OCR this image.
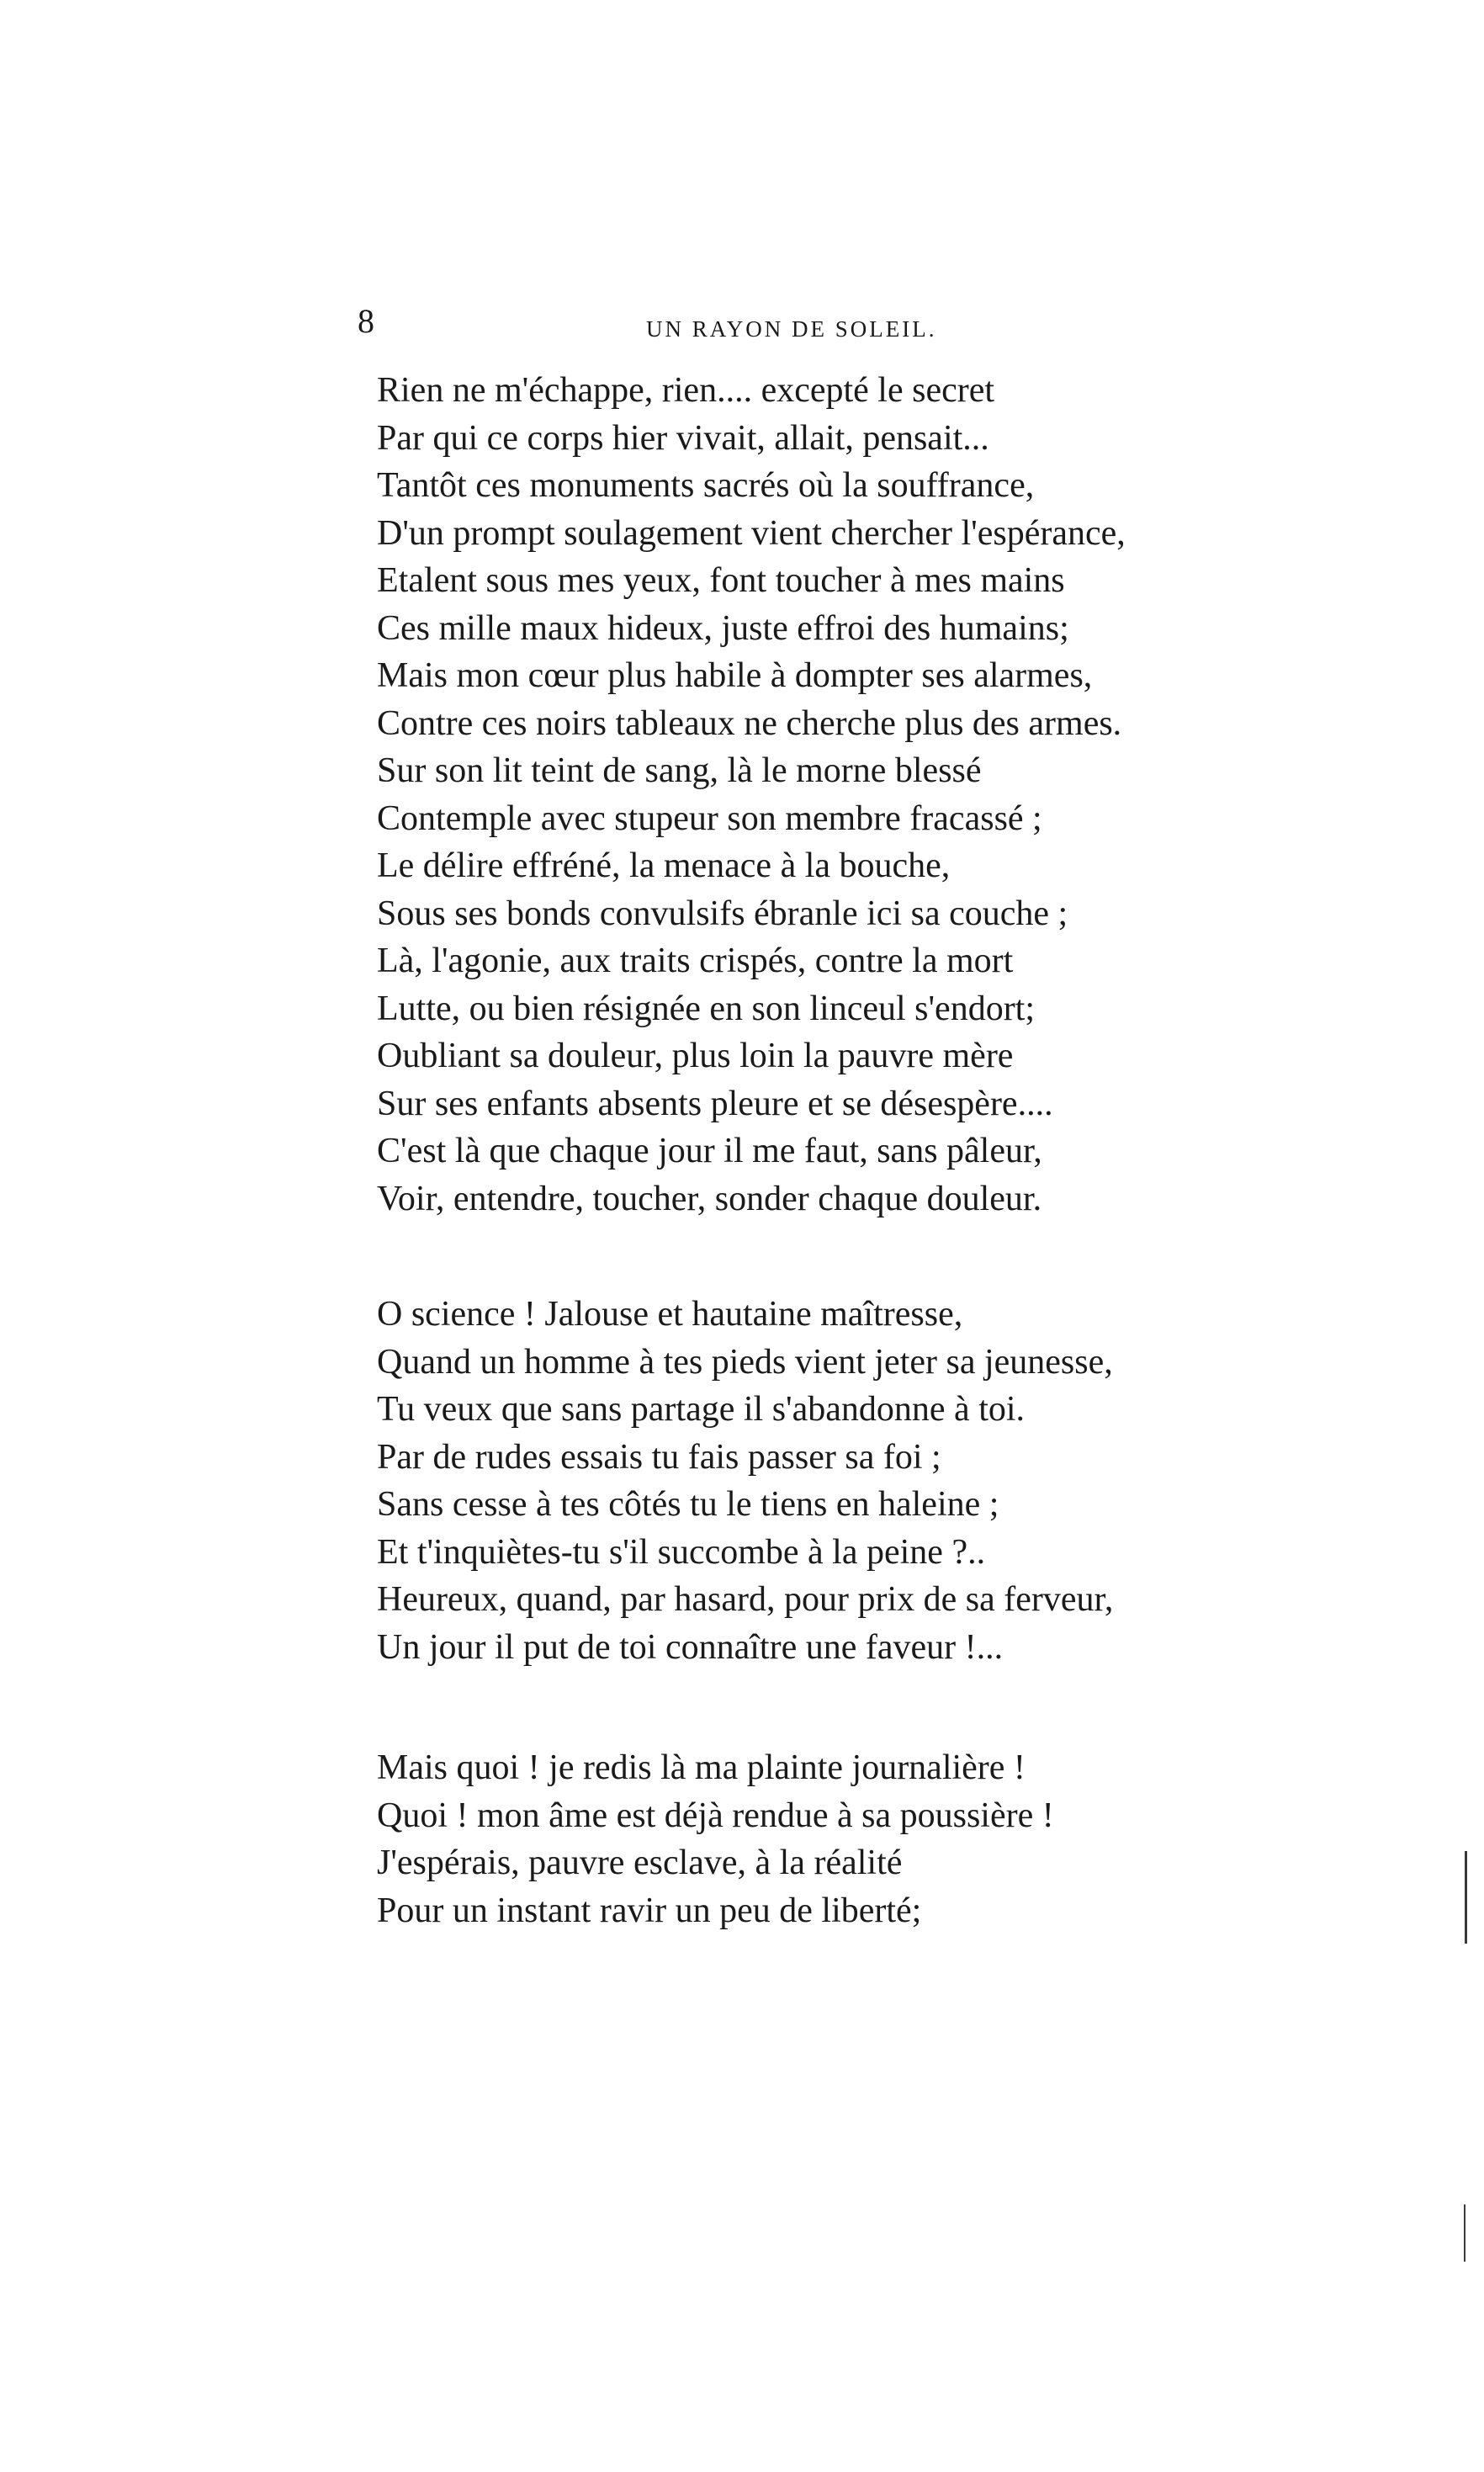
8	UN RAYON DE SOLEIL.
Rien ne m'échappe, rien.... excepté le secret
Par qui ce corps hier vivait, allait, pensait...
Tantôt ces monuments sacrés où la souffrance,
D'un prompt soulagement vient chercher l'espérance,
Etalent sous mes yeux, font toucher à mes mains
Ces mille maux hideux, juste effroi des humains;
Mais mon cœur plus habile à dompter ses alarmes,
Contre ces noirs tableaux ne cherche plus des armes.
Sur son lit teint de sang, là le morne blessé
Contemple avec stupeur son membre fracassé ;
Le délire effréné, la menace à la bouche,
Sous ses bonds convulsifs ébranle ici sa couche ;
Là, l'agonie, aux traits crispés, contre la mort
Lutte, ou bien résignée en son linceul s'endort;
Oubliant sa douleur, plus loin la pauvre mère
Sur ses enfants absents pleure et se désespère....
C'est là que chaque jour il me faut, sans pâleur,
Voir, entendre, toucher, sonder chaque douleur.
O science ! Jalouse et hautaine maîtresse,
Quand un homme à tes pieds vient jeter sa jeunesse,
Tu veux que sans partage il s'abandonne à toi.
Par de rudes essais tu fais passer sa foi ;
Sans cesse à tes côtés tu le tiens en haleine ;
Et t'inquiètes-tu s'il succombe à la peine ?..
Heureux, quand, par hasard, pour prix de sa ferveur,
Un jour il put de toi connaître une faveur !...
Mais quoi ! je redis là ma plainte journalière !
Quoi ! mon âme est déjà rendue à sa poussière !
J'espérais, pauvre esclave, à la réalité
Pour un instant ravir un peu de liberté;
